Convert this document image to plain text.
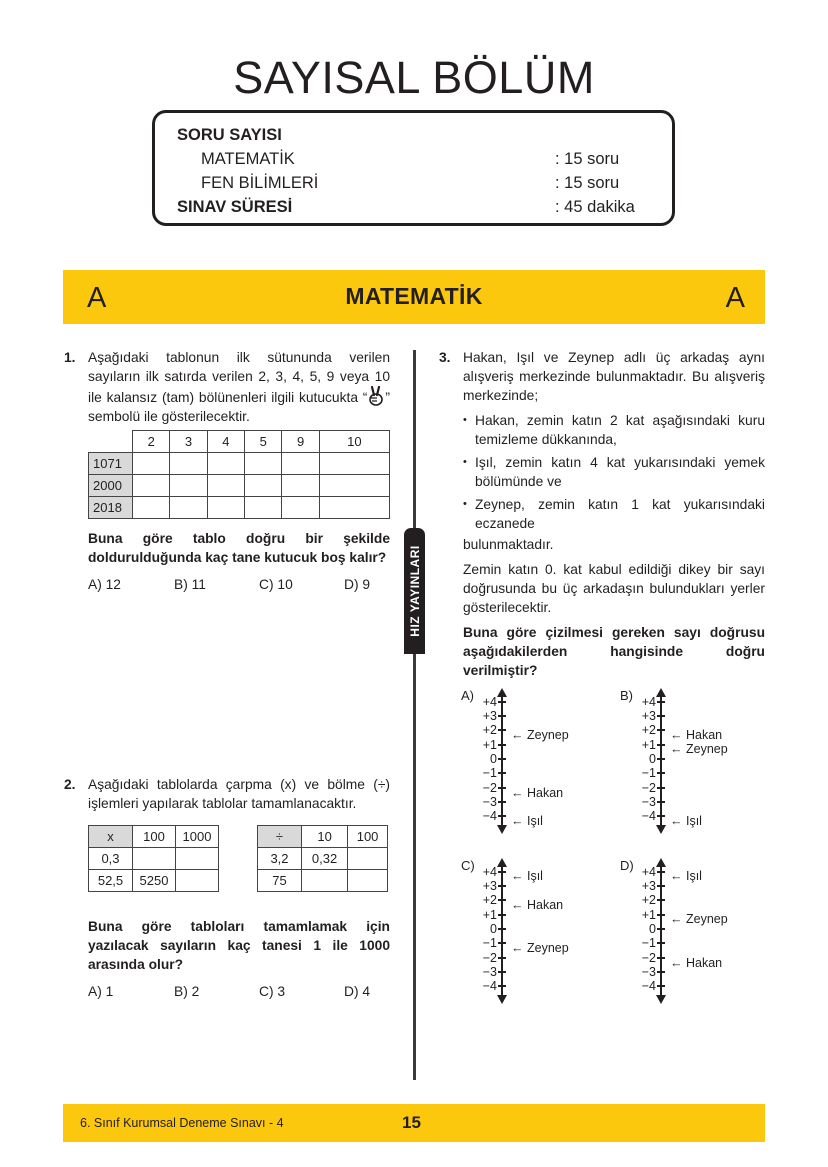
SAYISAL BÖLÜM
SORU SAYISI
MATEMATİK	: 15 soru
FEN BİLİMLERİ	: 15 soru
SINAV SÜRESİ	: 45 dakika
A	MATEMATİK	A
HIZ YAYINLARI
1. Aşağıdaki tablonun ilk sütununda verilen sayıların ilk satırda verilen 2, 3, 4, 5, 9 veya 10 ile kalansız (tam) bölünenleri ilgili kutucukta “ ” sembolü ile gösterilecektir.
	2	3	4	5	9	10
1071						
2000						
2018						
Buna göre tablo doğru bir şekilde doldurulduğunda kaç tane kutucuk boş kalır?
A) 12	B) 11	C) 10	D) 9
2. Aşağıdaki tablolarda çarpma (x) ve bölme (÷) işlemleri yapılarak tablolar tamamlanacaktır.
x	100	1000
0,3		
52,5	5250	
÷	10	100
3,2	0,32	
75		
Buna göre tabloları tamamlamak için yazılacak sayıların kaç tanesi 1 ile 1000 arasında olur?
A) 1	B) 2	C) 3	D) 4
3. Hakan, Işıl ve Zeynep adlı üç arkadaş aynı alışveriş merkezinde bulunmaktadır. Bu alışveriş merkezinde;
• Hakan, zemin katın 2 kat aşağısındaki kuru temizleme dükkanında,
• Işıl, zemin katın 4 kat yukarısındaki yemek bölümünde ve
• Zeynep, zemin katın 1 kat yukarısındaki eczanede
bulunmaktadır.
Zemin katın 0. kat kabul edildiği dikey bir sayı doğrusunda bu üç arkadaşın bulundukları yerler gösterilecektir.
Buna göre çizilmesi gereken sayı doğrusu aşağıdakilerden hangisinde doğru verilmiştir?
A) +4
+3
+2
+1
0
−1
−2
−3
−4
← Zeynep
← Hakan
← Işıl
B) +4
+3
+2
+1
0
−1
−2
−3
−4
← Hakan
← Zeynep
← Işıl
C) +4
+3
+2
+1
0
−1
−2
−3
−4
← Işıl
← Hakan
← Zeynep
D) +4
+3
+2
+1
0
−1
−2
−3
−4
← Işıl
← Zeynep
← Hakan
6. Sınıf Kurumsal Deneme Sınavı - 4	15
